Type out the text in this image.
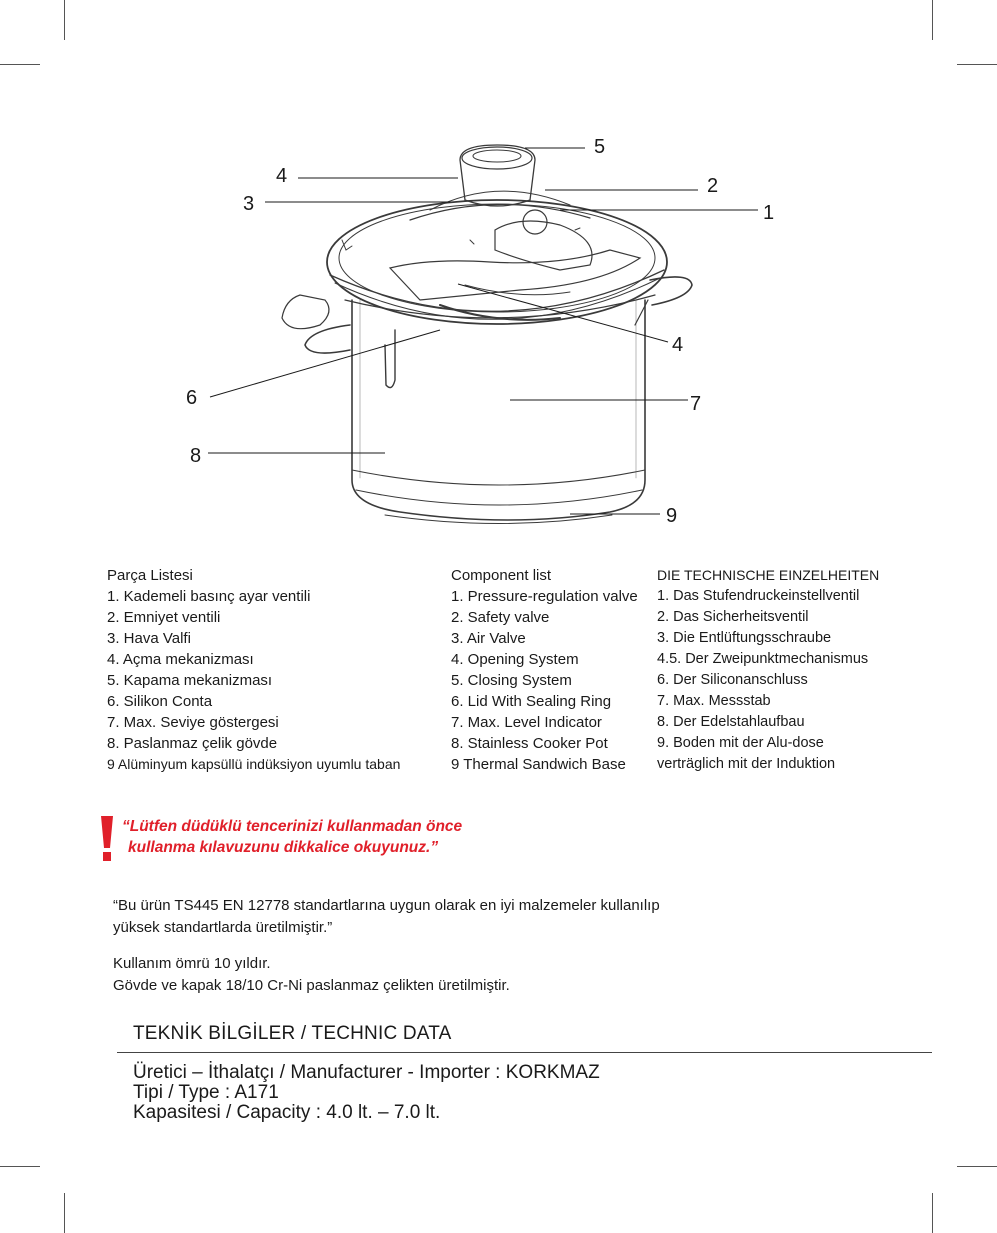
5
4
3
2
1
4
6	7
8
9
Parça Listesi
1. Kademeli basınç ayar ventili
2. Emniyet ventili
3. Hava Valfi
4. Açma mekanizması
5. Kapama mekanizması
6. Silikon Conta
7. Max. Seviye göstergesi
8. Paslanmaz çelik gövde
9 Alüminyum kapsüllü indüksiyon uyumlu taban
Component list
1. Pressure-regulation valve
2. Safety valve
3. Air Valve
4. Opening System
5. Closing System
6. Lid With Sealing Ring
7. Max. Level Indicator
8. Stainless Cooker Pot
9 Thermal Sandwich Base
DIE TECHNISCHE EINZELHEITEN
1. Das Stufendruckeinstellventil
2. Das Sicherheitsventil
3. Die Entlüftungsschraube
4.5. Der Zweipunktmechanismus
6. Der Siliconanschluss
7. Max. Messstab
8. Der Edelstahlaufbau
9. Boden mit der Alu-dose
verträglich mit der Induktion
“Lütfen düdüklü tencerinizi kullanmadan önce
kullanma kılavuzunu dikkalice okuyunuz.”
“Bu ürün TS445 EN 12778 standartlarına uygun olarak en iyi malzemeler kullanılıp
yüksek standartlarda üretilmiştir.”
Kullanım ömrü 10 yıldır.
Gövde ve kapak 18/10 Cr-Ni paslanmaz çelikten üretilmiştir.
TEKNİK BİLGİLER / TECHNIC DATA
Üretici – İthalatçı / Manufacturer - Importer : KORKMAZ
Tipi / Type : A171
Kapasitesi / Capacity : 4.0 lt. – 7.0 lt.
